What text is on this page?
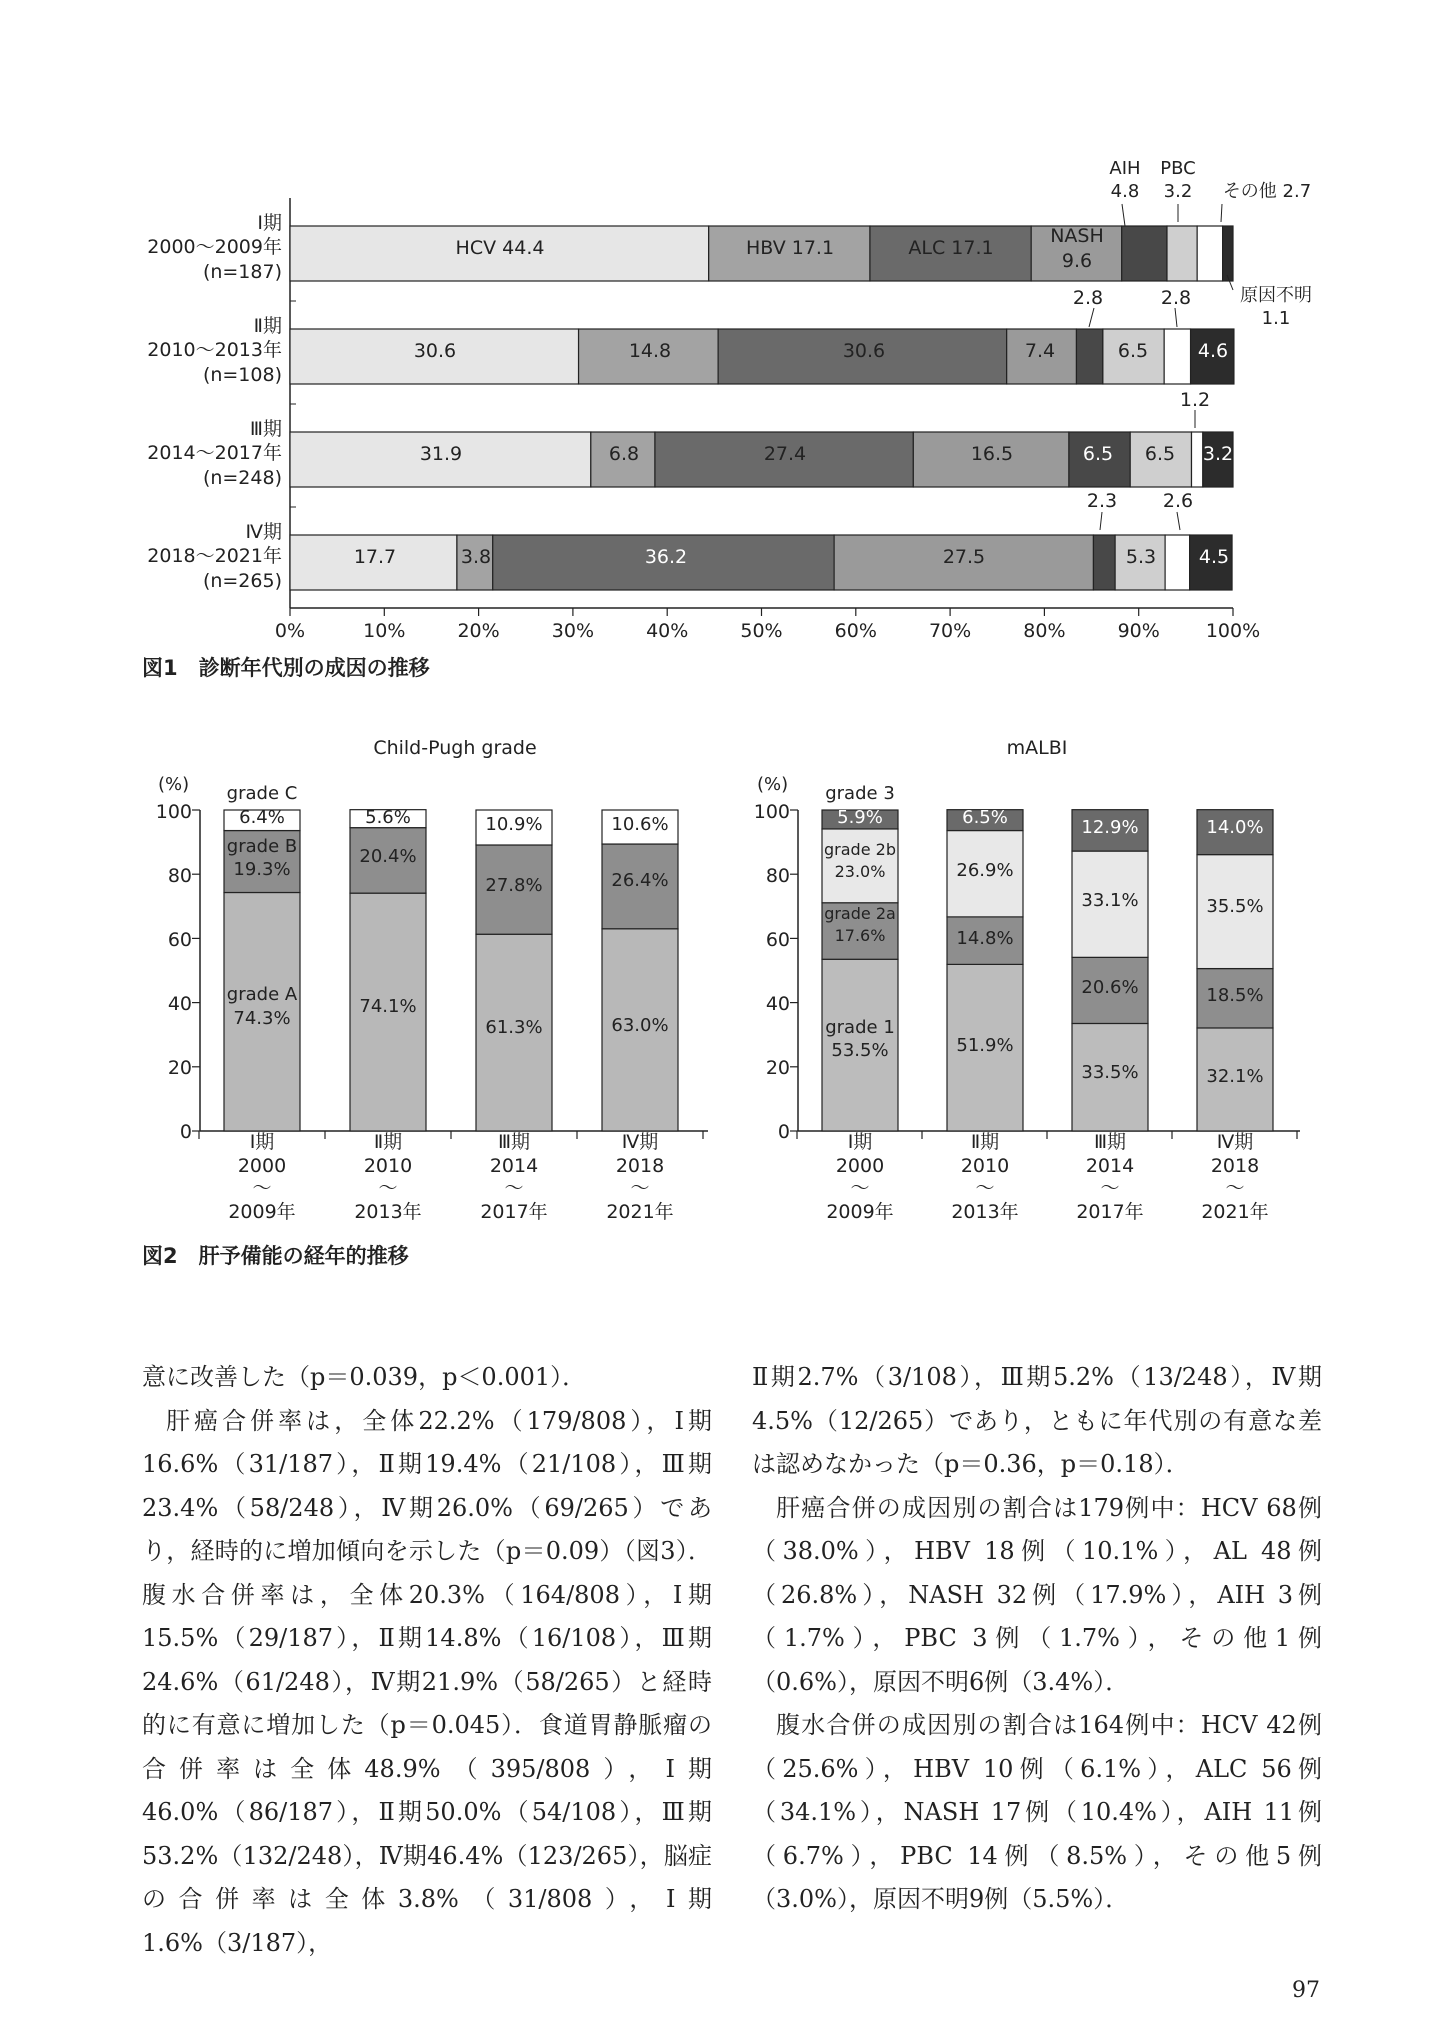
0%	10%	20%	30%	40%	50%	60%	70%	80%	90% 100%
Ⅰ期
2000～2009年
(n=187)
Ⅱ期
2010～2013年
(n=108)
Ⅲ期
2014～2017年
(n=248)
Ⅳ期
2018～2021年
(n=265)
AIH
4.8
PBC
3.2 その他 2.7
原因不明
1.1
HCV 44.4	HBV 17.1	ALC 17.1
NASH
9.6
30.6	14.8	30.6	7.4
2.8
6.5
2.8
4.6
31.9	6.8	27.4	16.5	6.5 6.5
1.2
3.2
17.7	3.8	36.2	27.5
2.3
5.3
2.6
4.5
図1　診断年代別の成因の推移
Child-Pugh grade	mALBI
(%)	(%)
100
80
60
40
20
0
100
80
60
40
20
0
Ⅰ期
2000
～
2009年
Ⅱ期
2010
～
2013年
Ⅲ期
2014
～
2017年
Ⅳ期
2018
～
2021年
Ⅰ期
2000
～
2009年
Ⅱ期
2010
～
2013年
Ⅲ期
2014
～
2017年
Ⅳ期
2018
～
2021年
grade C
6.4%
grade B
19.3%
grade A
74.3%
5.6%
20.4%
74.1%
10.9%
27.8%
61.3%
10.6%
26.4%
63.0%
grade 3
5.9%
grade 2b
23.0%
grade 2a
17.6%
grade 1
53.5%
6.5%
26.9%
14.8%
51.9%
12.9%
33.1%
20.6%
33.5%
14.0%
35.5%
18.5%
32.1%
図2　肝予備能の経年的推移

意に改善した（p＝0.039，p＜0.001）．

肝癌合併率は，全体22.2%（179/808），Ⅰ期16.6%（31/187），Ⅱ期19.4%（21/108），Ⅲ期23.4%（58/248），Ⅳ期26.0%（69/265）であり，経時的に増加傾向を示した（p＝0.09）（図3）．腹水合併率は，全体20.3%（164/808），Ⅰ期15.5%（29/187），Ⅱ期14.8%（16/108），Ⅲ期24.6%（61/248），Ⅳ期21.9%（58/265）と経時的に有意に増加した（p＝0.045）．食道胃静脈瘤の合併率は全体48.9%（395/808），Ⅰ期46.0%（86/187），Ⅱ期50.0%（54/108），Ⅲ期53.2%（132/248），Ⅳ期46.4%（123/265），脳症の合併率は全体3.8%（31/808），Ⅰ期1.6%（3/187），

Ⅱ期2.7%（3/108），Ⅲ期5.2%（13/248），Ⅳ期4.5%（12/265）であり，ともに年代別の有意な差は認めなかった（p＝0.36，p＝0.18）．

肝癌合併の成因別の割合は179例中：HCV 68例（38.0%），HBV 18例（10.1%），AL 48例（26.8%），NASH 32例（17.9%），AIH 3例（1.7%），PBC 3例（1.7%），その他1例（0.6%），原因不明6例（3.4%）．

腹水合併の成因別の割合は164例中：HCV 42例（25.6%），HBV 10例（6.1%），ALC 56例（34.1%），NASH 17例（10.4%），AIH 11例（6.7%），PBC 14例（8.5%），その他5例（3.0%），原因不明9例（5.5%）．

97
